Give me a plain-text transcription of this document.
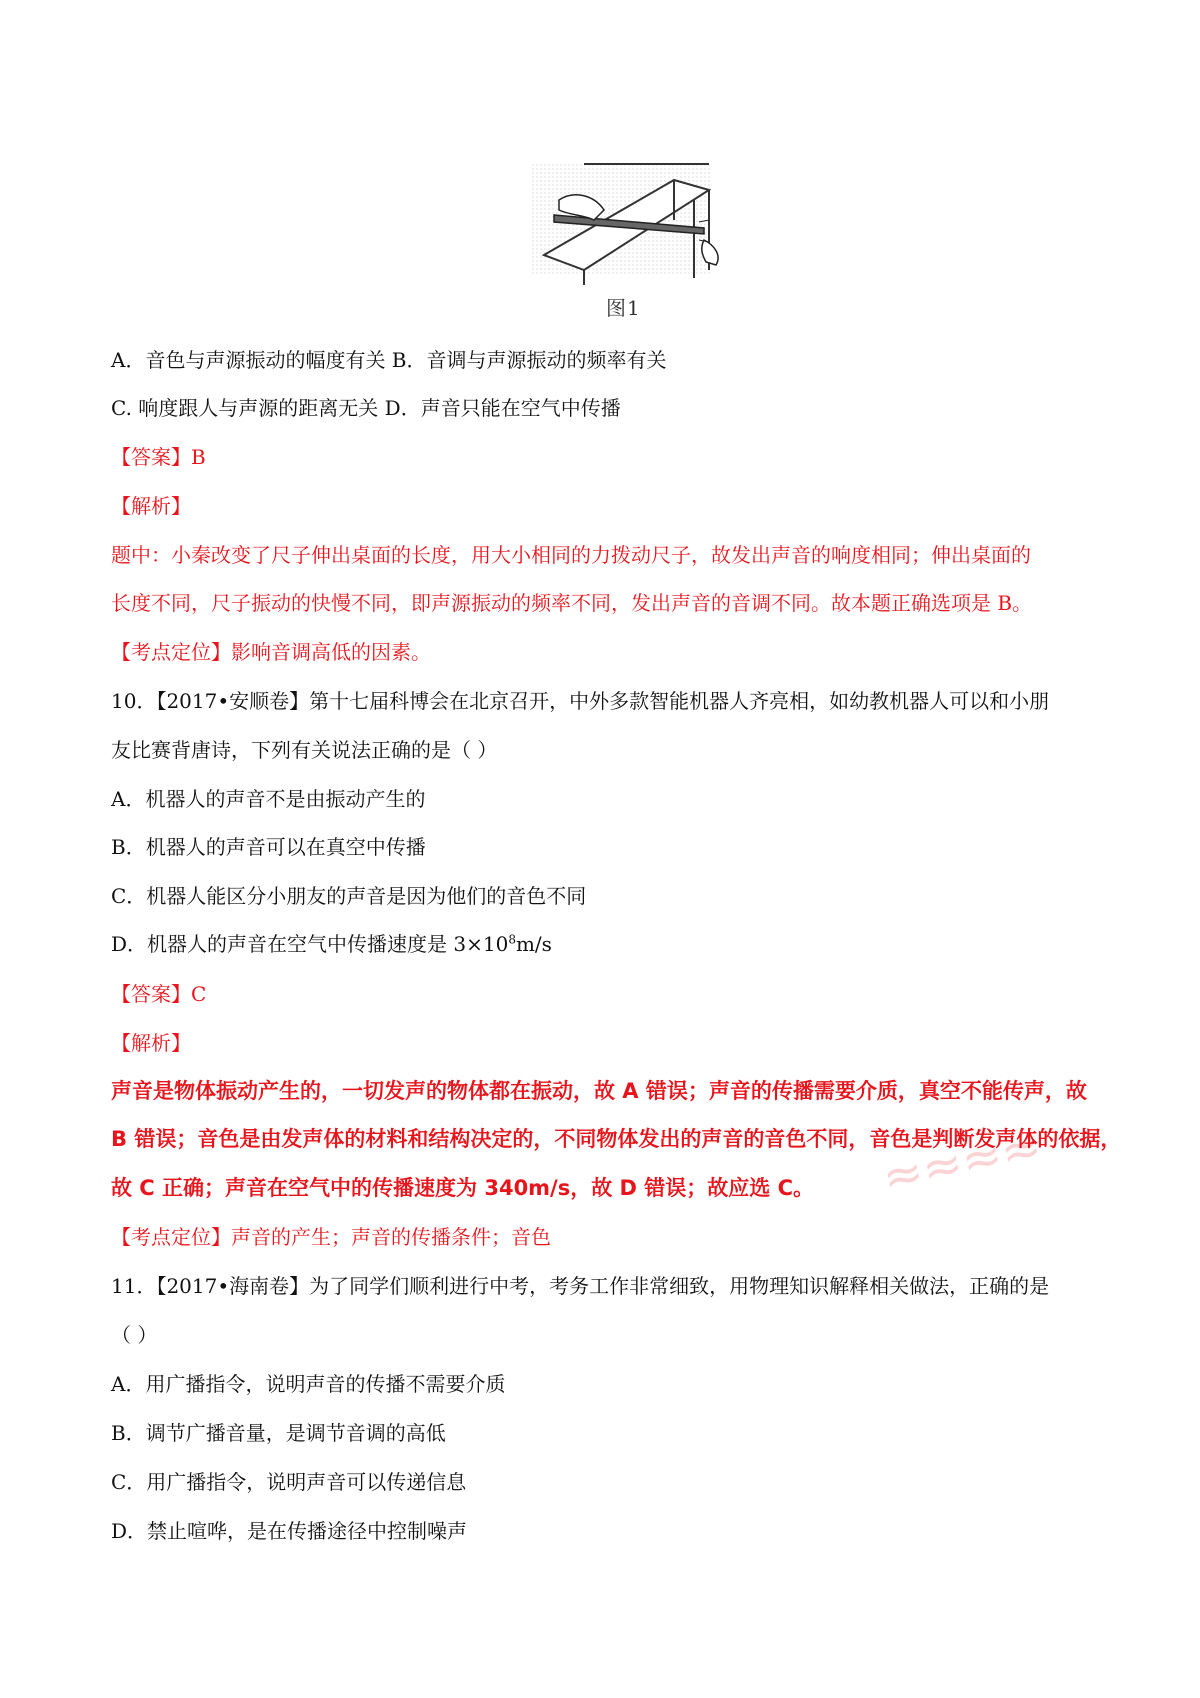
图1
A．音色与声源振动的幅度有关 B．音调与声源振动的频率有关
C. 响度跟人与声源的距离无关 D．声音只能在空气中传播
【答案】B
【解析】
题中：小秦改变了尺子伸出桌面的长度，用大小相同的力拨动尺子，故发出声音的响度相同；伸出桌面的
长度不同，尺子振动的快慢不同，即声源振动的频率不同，发出声音的音调不同。故本题正确选项是 B。
【考点定位】影响音调高低的因素。
10．【2017•安顺卷】第十七届科博会在北京召开，中外多款智能机器人齐亮相，如幼教机器人可以和小朋
友比赛背唐诗，下列有关说法正确的是（ ）
A．机器人的声音不是由振动产生的
B．机器人的声音可以在真空中传播
C．机器人能区分小朋友的声音是因为他们的音色不同
D．机器人的声音在空气中传播速度是 $3\times 10^8m/s$
【答案】C
【解析】
声音是物体振动产生的，一切发声的物体都在振动，故 A 错误；声音的传播需要介质，真空不能传声，故
B 错误；音色是由发声体的材料和结构决定的，不同物体发出的声音的音色不同，音色是判断发声体的依据，
故 C 正确；声音在空气中的传播速度为 340m/s，故 D 错误；故应选 C。 ≈≈≈≈
【考点定位】声音的产生；声音的传播条件；音色
11．【2017•海南卷】为了同学们顺利进行中考，考务工作非常细致，用物理知识解释相关做法，正确的是
（ ）
A．用广播指令，说明声音的传播不需要介质
B．调节广播音量，是调节音调的高低
C．用广播指令，说明声音可以传递信息
D．禁止喧哗，是在传播途径中控制噪声
